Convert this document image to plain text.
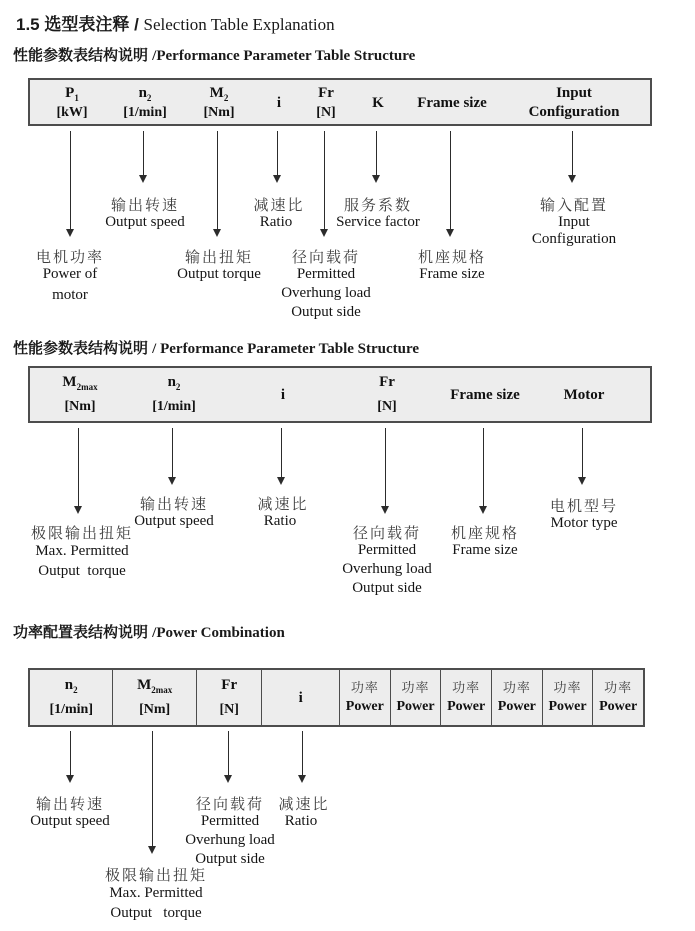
1.5 选型表注释 / Selection Table Explanation
性能参数表结构说明 /Performance Parameter Table Structure
$P_1$
[kW]
$n_2$
[1/min]
$M_2$
[Nm]
i
Fr
[N]
K Frame size
Input
Configuration
电机功率
Power of
motor
输出转速
Output speed
输出扭矩
Output torque
减速比
Ratio
径向载荷
Permitted
Overhung load
Output side
服务系数
Service factor
机座规格
Frame size
输入配置
Input
Configuration
性能参数表结构说明 / Performance Parameter Table Structure
$M_{2max}$
[Nm]
$n_2$
[1/min]
i
Fr
[N]
Frame size	Motor
极限输出扭矩
Max. Permitted
Output  torque
输出转速
Output speed
减速比
Ratio
径向载荷
Permitted
Overhung load
Output side
机座规格
Frame size
电机型号
Motor type
功率配置表结构说明 /Power Combination
$n_2$
[1/min]
$M_{2max}$
[Nm]
Fr
[N]
i
功率
Power
功率
Power
功率
Power
功率
Power
功率
Power
功率
Power
输出转速
Output speed
极限输出扭矩
Max. Permitted
Output   torque
径向载荷
Permitted
Overhung load
Output side
减速比
Ratio
